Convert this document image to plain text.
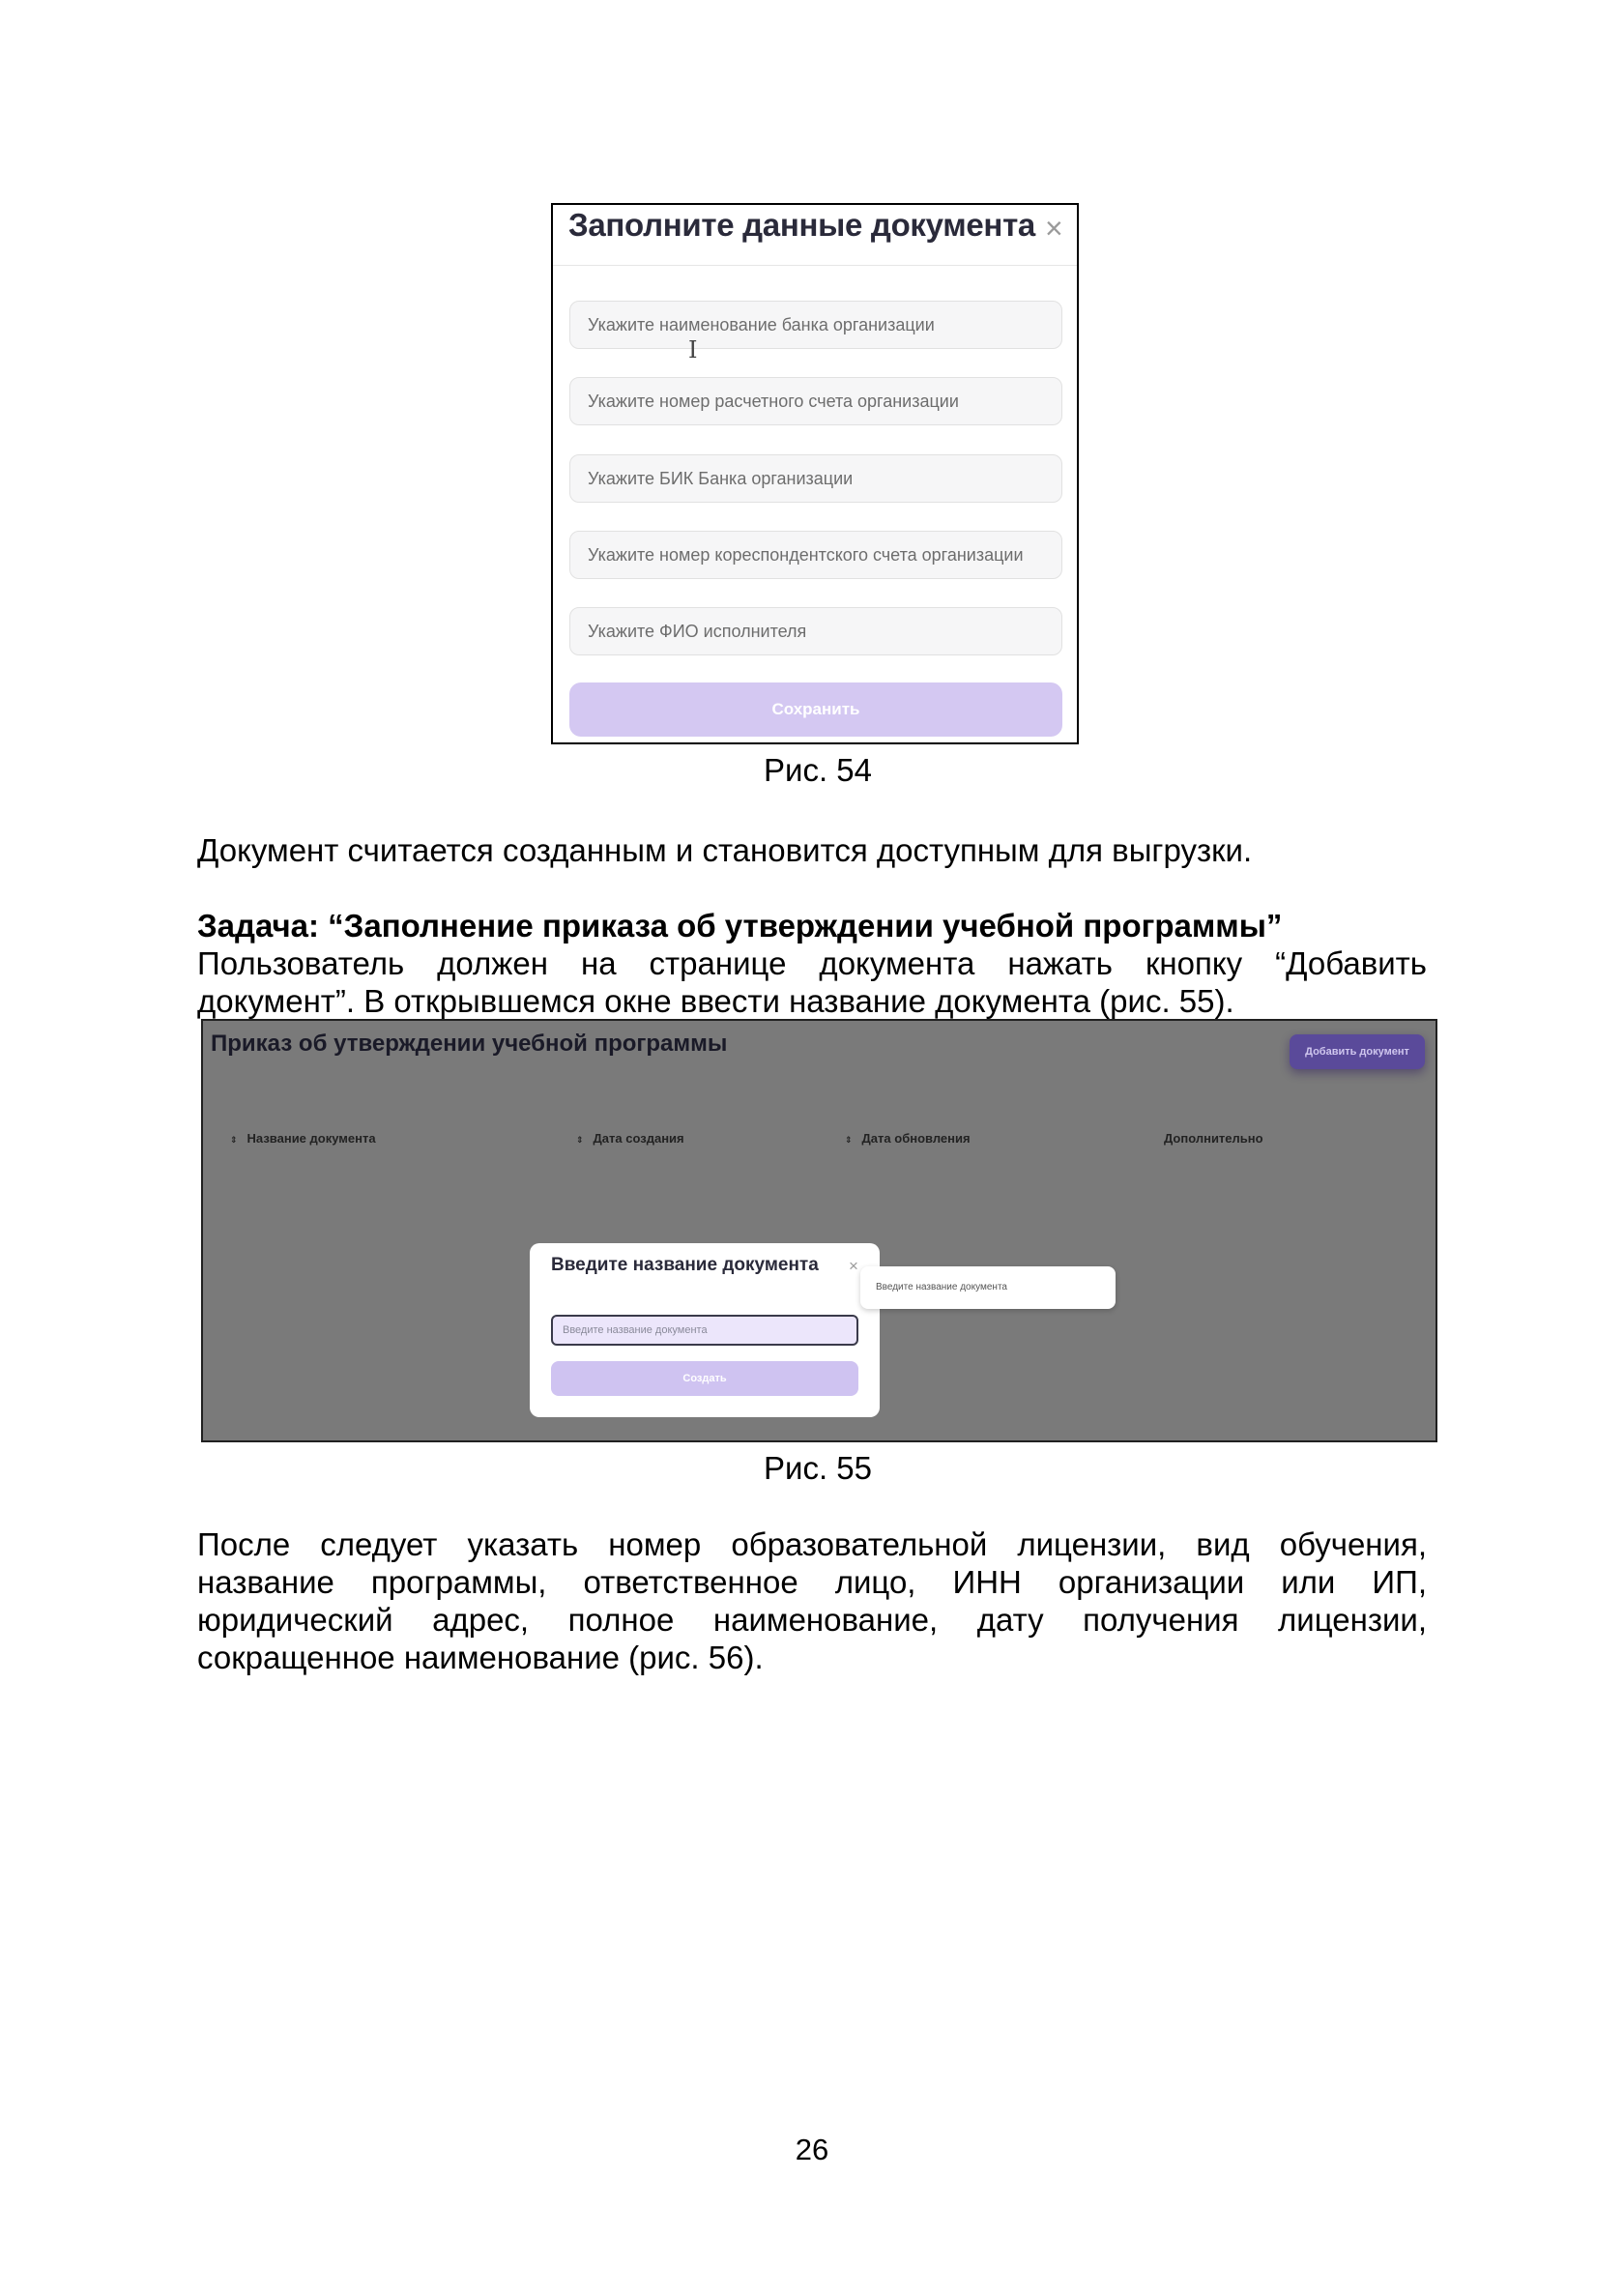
Заполните данные документа ×
Укажите наименование банка организации
Укажите номер расчетного счета организации
Укажите БИК Банка организации
Укажите номер кореспондентского счета организации
Укажите ФИО исполнителя
I
Сохранить
Рис. 54
Документ считается созданным и становится доступным для выгрузки.
Задача: “Заполнение приказа об утверждении учебной программы”
Пользователь должен на странице документа нажать кнопку “Добавить
документ”. В открывшемся окне ввести название документа (рис. 55).
Приказ об утверждении учебной программы	Добавить документ
⇕ Название документа	⇕ Дата создания	⇕ Дата обновления	Дополнительно
Введите название документа ×
Введите название документа
Создать
Введите название документа
Рис. 55
После следует указать номер образовательной лицензии, вид обучения,
название программы, ответственное лицо, ИНН организации или ИП,
юридический адрес, полное наименование, дату получения лицензии,
сокращенное наименование (рис. 56).
26
